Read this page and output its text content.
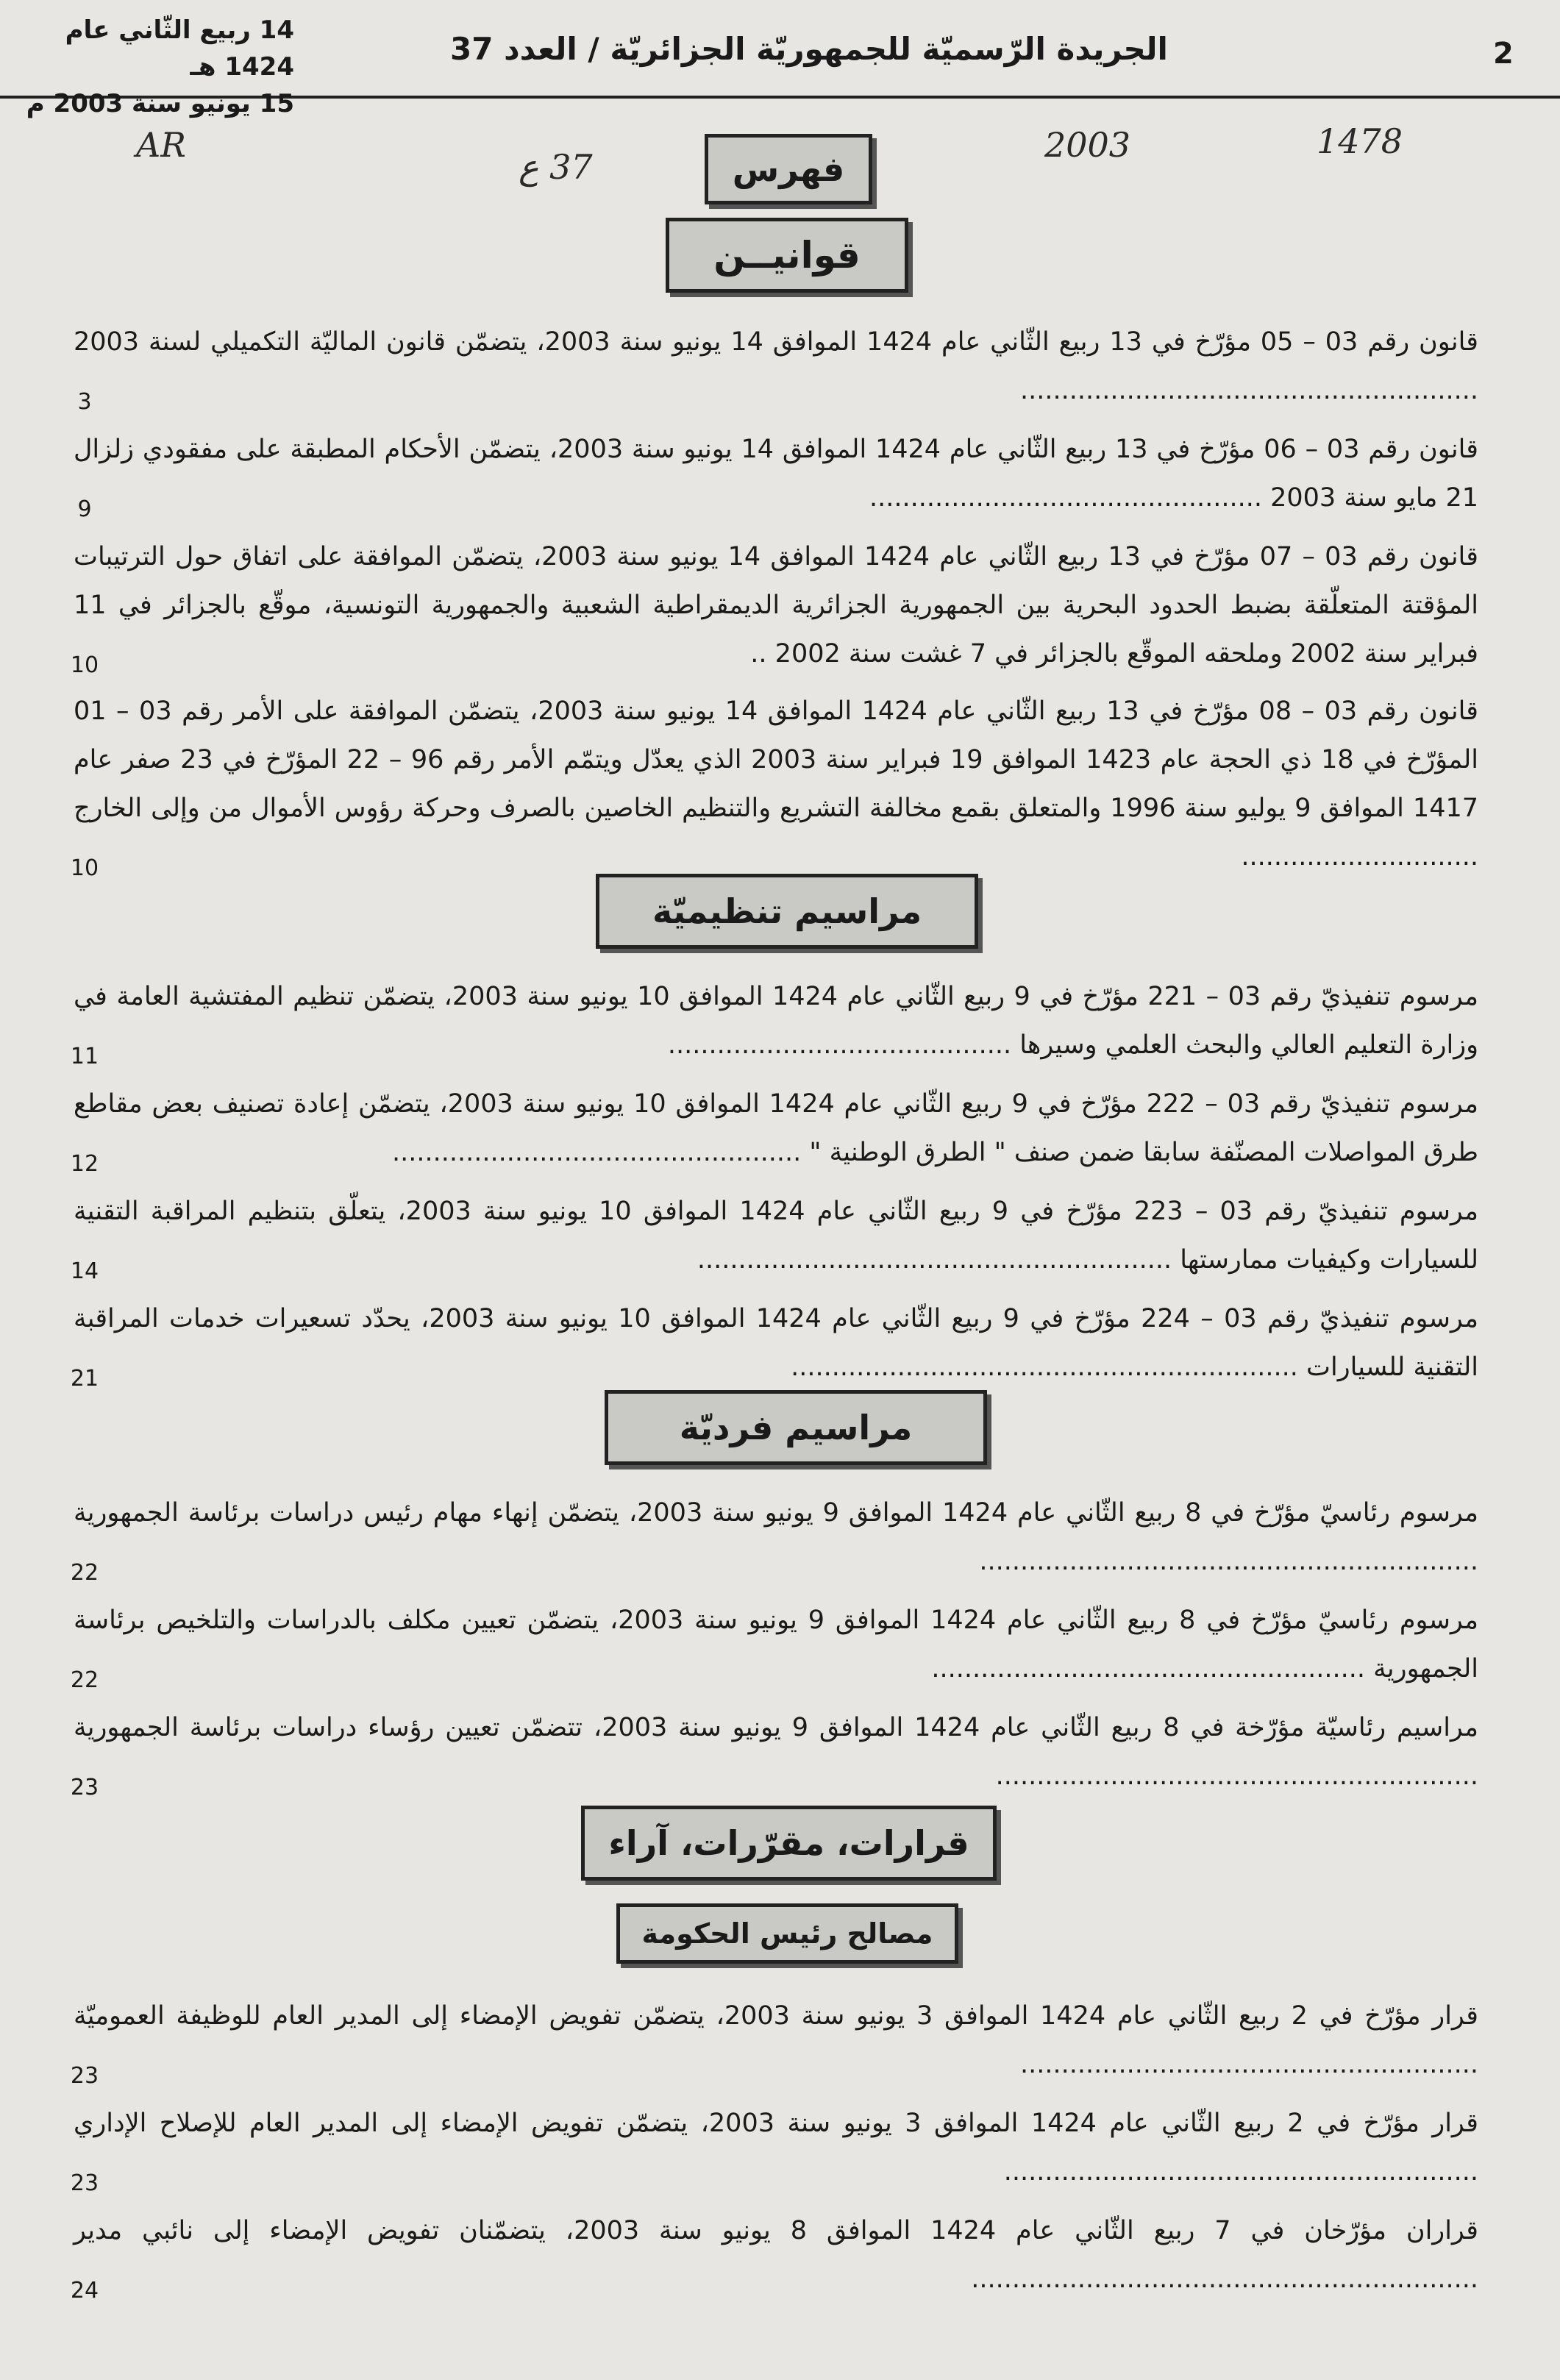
2
الجريدة الرّسميّة للجمهوريّة الجزائريّة / العدد 37
14 ربيع الثّاني عام 1424 هـ
15 يونيو سنة 2003 م
AR
37 ع
2003	1478
فهرس
قوانيــن
قانون رقم 03 – 05 مؤرّخ في 13 ربيع الثّاني عام 1424 الموافق 14 يونيو سنة 2003، يتضمّن قانون الماليّة التكميلي لسنة 2003 ........................................................
3
قانون رقم 03 – 06 مؤرّخ في 13 ربيع الثّاني عام 1424 الموافق 14 يونيو سنة 2003، يتضمّن الأحكام المطبقة على مفقودي زلزال 21 مايو سنة 2003 ................................................
9
قانون رقم 03 – 07 مؤرّخ في 13 ربيع الثّاني عام 1424 الموافق 14 يونيو سنة 2003، يتضمّن الموافقة على اتفاق حول الترتيبات المؤقتة المتعلّقة بضبط الحدود البحرية بين الجمهورية الجزائرية الديمقراطية الشعبية والجمهورية التونسية، موقّع بالجزائر في 11 فبراير سنة 2002 وملحقه الموقّع بالجزائر في 7 غشت سنة 2002 ..
10
قانون رقم 03 – 08 مؤرّخ في 13 ربيع الثّاني عام 1424 الموافق 14 يونيو سنة 2003، يتضمّن الموافقة على الأمر رقم 03 – 01 المؤرّخ في 18 ذي الحجة عام 1423 الموافق 19 فبراير سنة 2003 الذي يعدّل ويتمّم الأمر رقم 96 – 22 المؤرّخ في 23 صفر عام 1417 الموافق 9 يوليو سنة 1996 والمتعلق بقمع مخالفة التشريع والتنظيم الخاصين بالصرف وحركة رؤوس الأموال من وإلى الخارج .............................
10
مراسيم تنظيميّة
مرسوم تنفيذيّ رقم 03 – 221 مؤرّخ في 9 ربيع الثّاني عام 1424 الموافق 10 يونيو سنة 2003، يتضمّن تنظيم المفتشية العامة في وزارة التعليم العالي والبحث العلمي وسيرها ..........................................
11
مرسوم تنفيذيّ رقم 03 – 222 مؤرّخ في 9 ربيع الثّاني عام 1424 الموافق 10 يونيو سنة 2003، يتضمّن إعادة تصنيف بعض مقاطع طرق المواصلات المصنّفة سابقا ضمن صنف " الطرق الوطنية " ..................................................
12
مرسوم تنفيذيّ رقم 03 – 223 مؤرّخ في 9 ربيع الثّاني عام 1424 الموافق 10 يونيو سنة 2003، يتعلّق بتنظيم المراقبة التقنية للسيارات وكيفيات ممارستها ..........................................................
14
مرسوم تنفيذيّ رقم 03 – 224 مؤرّخ في 9 ربيع الثّاني عام 1424 الموافق 10 يونيو سنة 2003، يحدّد تسعيرات خدمات المراقبة التقنية للسيارات ..............................................................
21
مراسيم فرديّة
مرسوم رئاسيّ مؤرّخ في 8 ربيع الثّاني عام 1424 الموافق 9 يونيو سنة 2003، يتضمّن إنهاء مهام رئيس دراسات برئاسة الجمهورية .............................................................
22
مرسوم رئاسيّ مؤرّخ في 8 ربيع الثّاني عام 1424 الموافق 9 يونيو سنة 2003، يتضمّن تعيين مكلف بالدراسات والتلخيص برئاسة الجمهورية .....................................................
22
مراسيم رئاسيّة مؤرّخة في 8 ربيع الثّاني عام 1424 الموافق 9 يونيو سنة 2003، تتضمّن تعيين رؤساء دراسات برئاسة الجمهورية ...........................................................
23
قرارات، مقرّرات، آراء
مصالح رئيس الحكومة
قرار مؤرّخ في 2 ربيع الثّاني عام 1424 الموافق 3 يونيو سنة 2003، يتضمّن تفويض الإمضاء إلى المدير العام للوظيفة العموميّة ........................................................
23
قرار مؤرّخ في 2 ربيع الثّاني عام 1424 الموافق 3 يونيو سنة 2003، يتضمّن تفويض الإمضاء إلى المدير العام للإصلاح الإداري ..........................................................
23
قراران مؤرّخان في 7 ربيع الثّاني عام 1424 الموافق 8 يونيو سنة 2003، يتضمّنان تفويض الإمضاء إلى نائبي مدير ..............................................................
24
